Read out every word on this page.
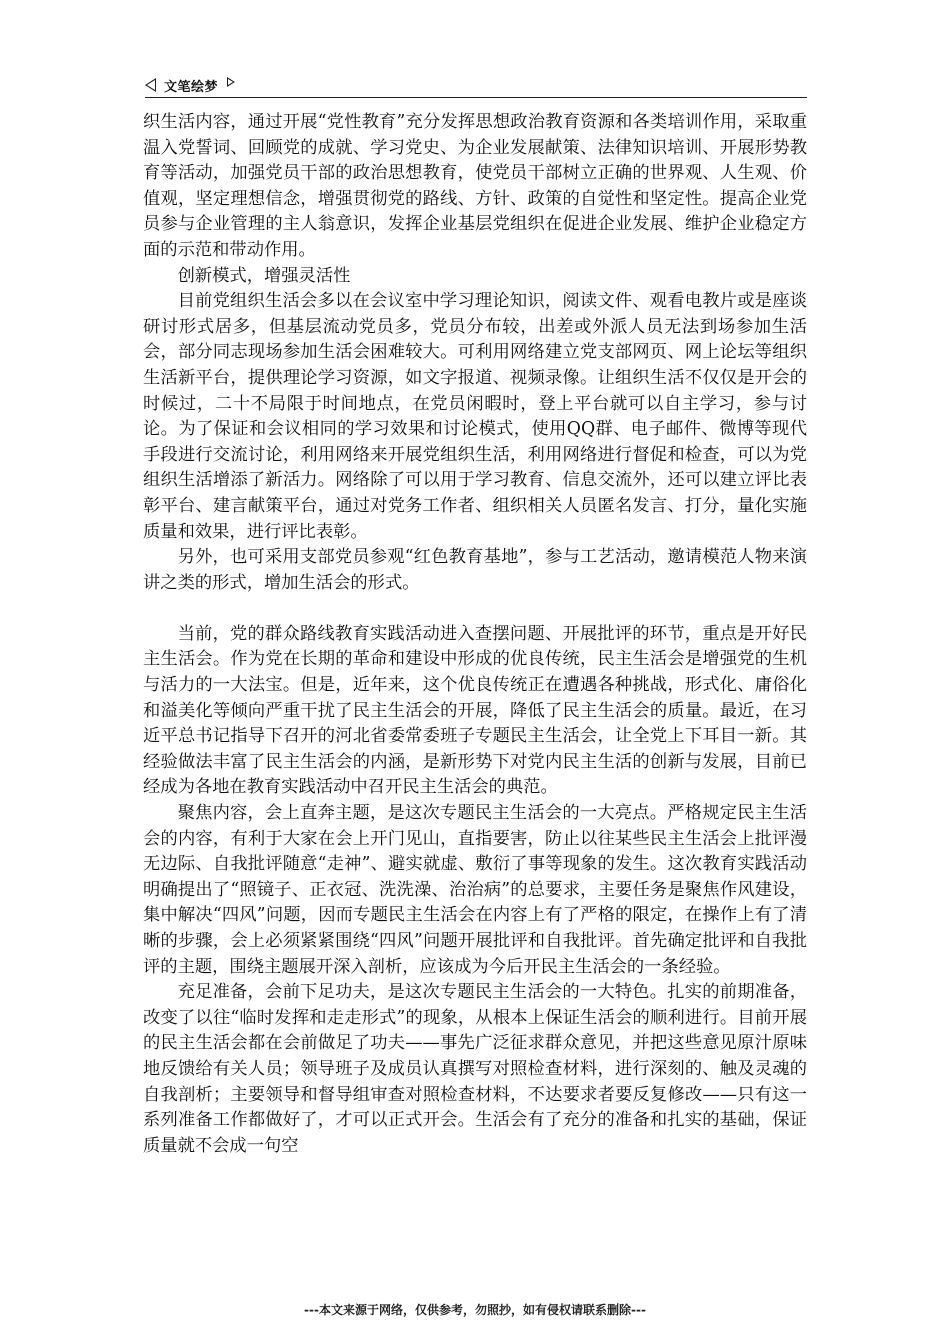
文笔绘梦

织生活内容，通过开展“党性教育”充分发挥思想政治教育资源和各类培训作用，采取重温入党誓词、回顾党的成就、学习党史、为企业发展献策、法律知识培训、开展形势教育等活动，加强党员干部的政治思想教育，使党员干部树立正确的世界观、人生观、价值观，坚定理想信念，增强贯彻党的路线、方针、政策的自觉性和坚定性。提高企业党员参与企业管理的主人翁意识，发挥企业基层党组织在促进企业发展、维护企业稳定方面的示范和带动作用。

创新模式，增强灵活性

目前党组织生活会多以在会议室中学习理论知识，阅读文件、观看电教片或是座谈研讨形式居多，但基层流动党员多，党员分布较，出差或外派人员无法到场参加生活会，部分同志现场参加生活会困难较大。可利用网络建立党支部网页、网上论坛等组织生活新平台，提供理论学习资源，如文字报道、视频录像。让组织生活不仅仅是开会的时候过，二十不局限于时间地点，在党员闲暇时，登上平台就可以自主学习，参与讨论。为了保证和会议相同的学习效果和讨论模式，使用QQ群、电子邮件、微博等现代手段进行交流讨论，利用网络来开展党组织生活，利用网络进行督促和检查，可以为党组织生活增添了新活力。网络除了可以用于学习教育、信息交流外，还可以建立评比表彰平台、建言献策平台，通过对党务工作者、组织相关人员匿名发言、打分，量化实施质量和效果，进行评比表彰。

另外，也可采用支部党员参观“红色教育基地”，参与工艺活动，邀请模范人物来演讲之类的形式，增加生活会的形式。

当前，党的群众路线教育实践活动进入查摆问题、开展批评的环节，重点是开好民主生活会。作为党在长期的革命和建设中形成的优良传统，民主生活会是增强党的生机与活力的一大法宝。但是，近年来，这个优良传统正在遭遇各种挑战，形式化、庸俗化和溢美化等倾向严重干扰了民主生活会的开展，降低了民主生活会的质量。最近，在习近平总书记指导下召开的河北省委常委班子专题民主生活会，让全党上下耳目一新。其经验做法丰富了民主生活会的内涵，是新形势下对党内民主生活的创新与发展，目前已经成为各地在教育实践活动中召开民主生活会的典范。

聚焦内容，会上直奔主题，是这次专题民主生活会的一大亮点。严格规定民主生活会的内容，有利于大家在会上开门见山，直指要害，防止以往某些民主生活会上批评漫无边际、自我批评随意“走神”、避实就虚、敷衍了事等现象的发生。这次教育实践活动明确提出了“照镜子、正衣冠、洗洗澡、治治病”的总要求，主要任务是聚焦作风建设，集中解决“四风”问题，因而专题民主生活会在内容上有了严格的限定，在操作上有了清晰的步骤，会上必须紧紧围绕“四风”问题开展批评和自我批评。首先确定批评和自我批评的主题，围绕主题展开深入剖析，应该成为今后开民主生活会的一条经验。

充足准备，会前下足功夫，是这次专题民主生活会的一大特色。扎实的前期准备，改变了以往“临时发挥和走走形式”的现象，从根本上保证生活会的顺利进行。目前开展的民主生活会都在会前做足了功夫——事先广泛征求群众意见，并把这些意见原汁原味地反馈给有关人员；领导班子及成员认真撰写对照检查材料，进行深刻的、触及灵魂的自我剖析；主要领导和督导组审查对照检查材料，不达要求者要反复修改——只有这一系列准备工作都做好了，才可以正式开会。生活会有了充分的准备和扎实的基础，保证质量就不会成一句空

---本文来源于网络，仅供参考，勿照抄，如有侵权请联系删除---
